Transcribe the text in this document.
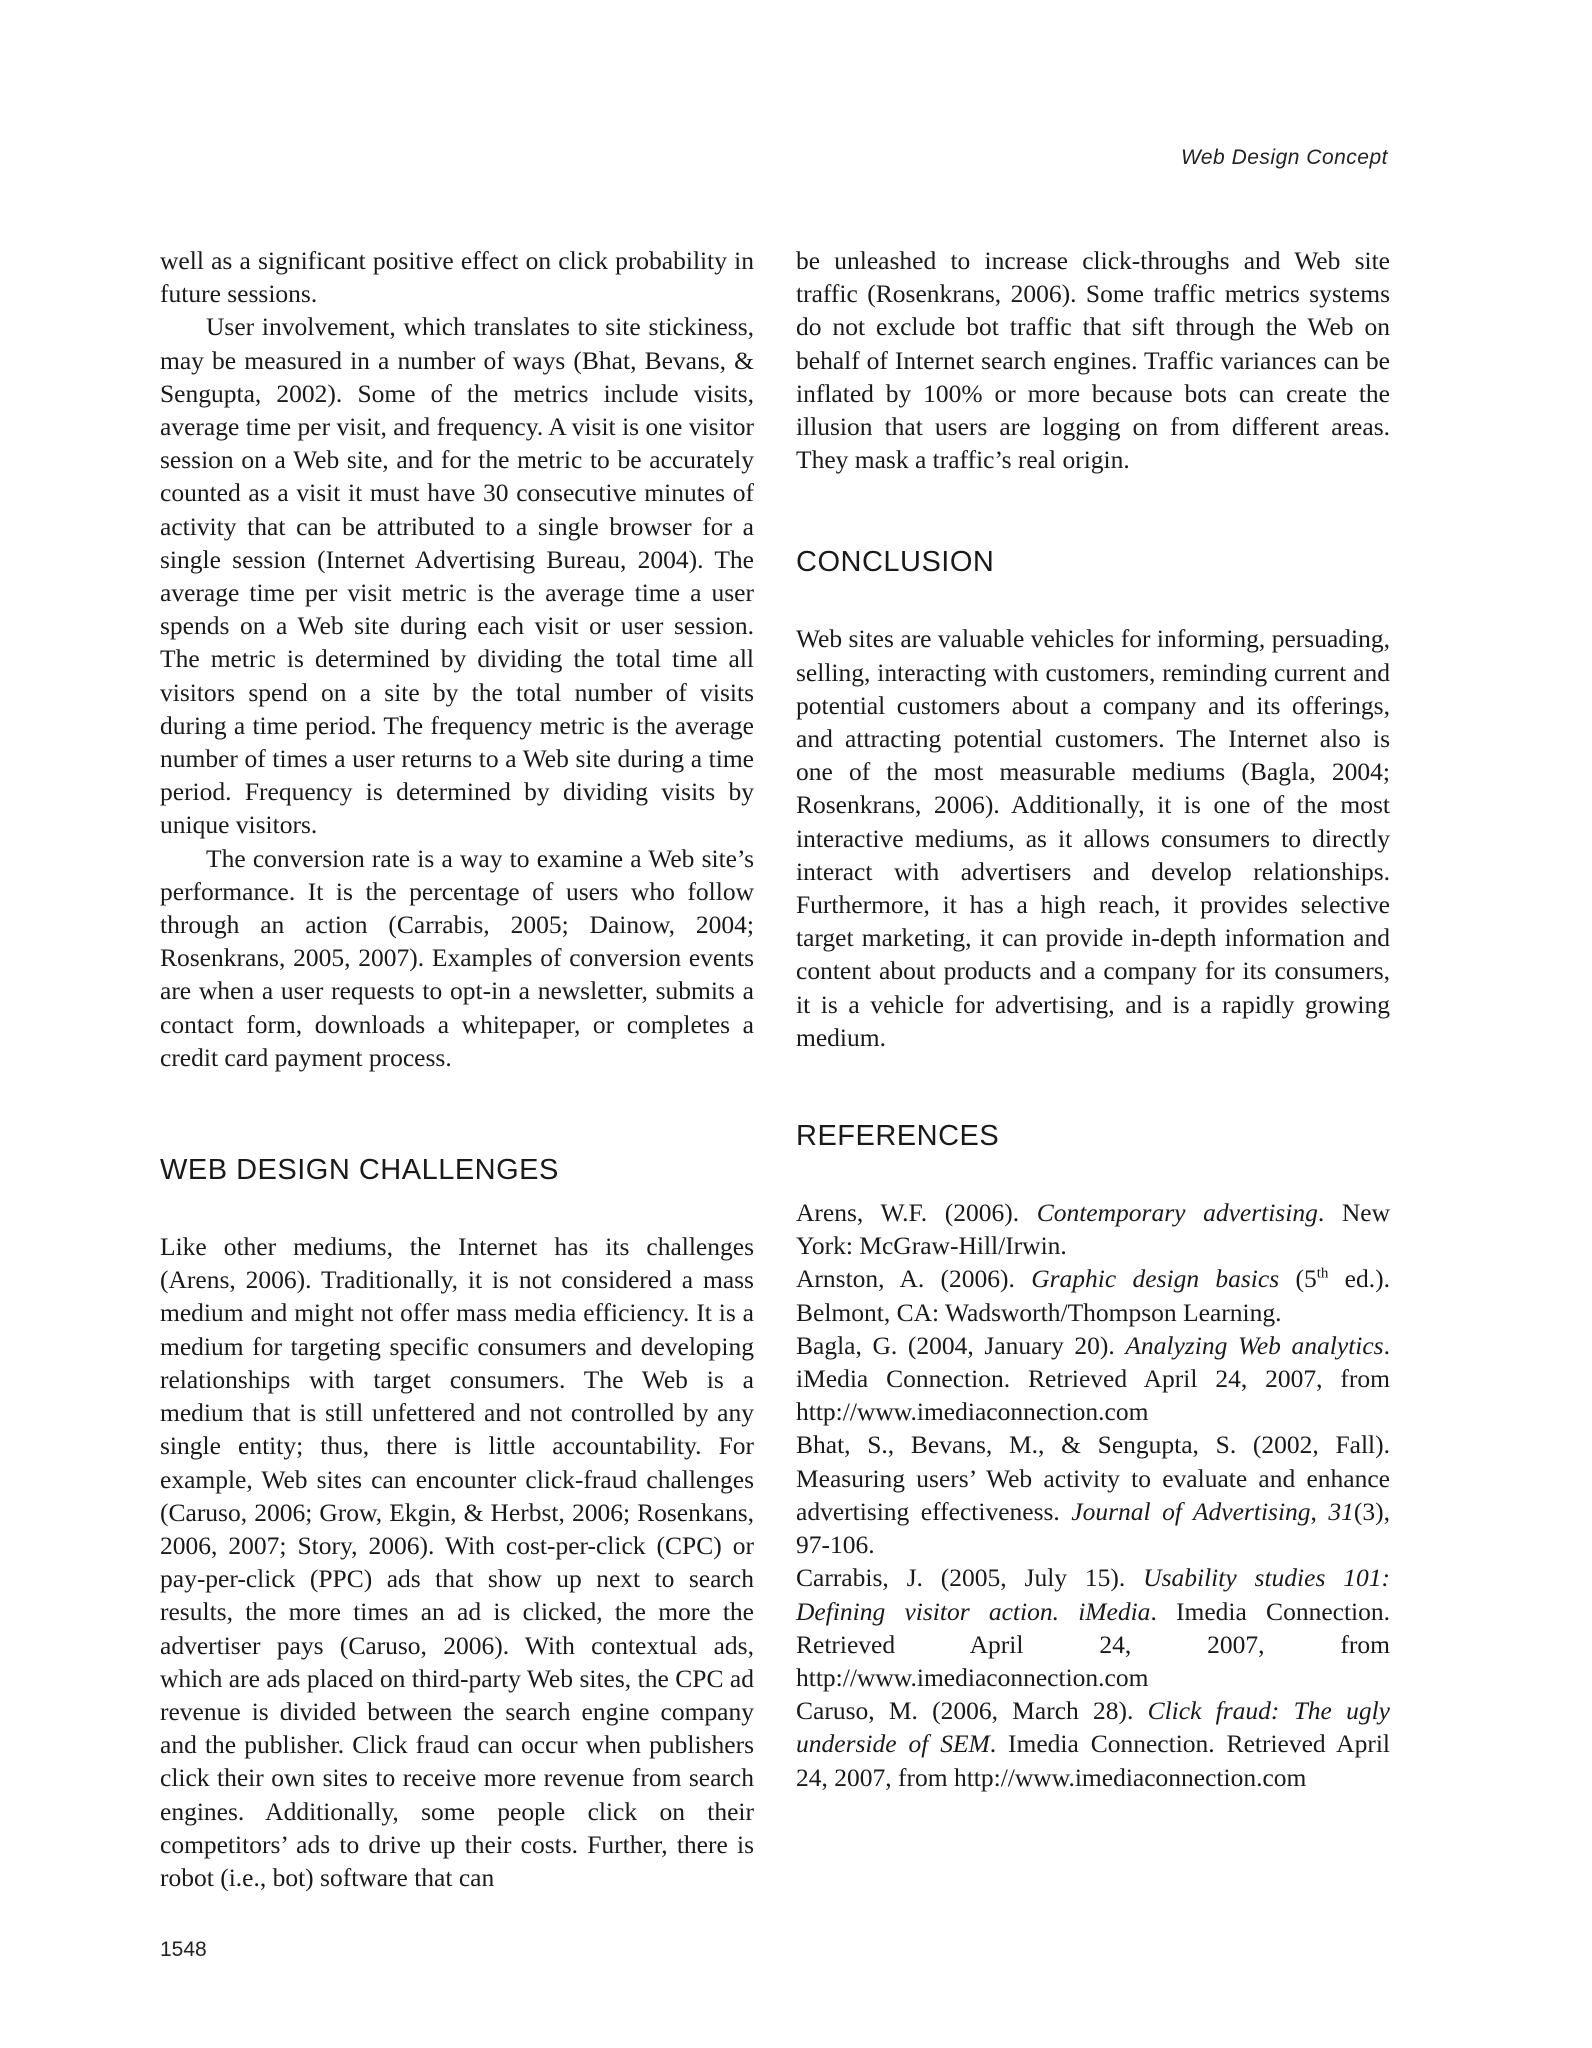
Web Design Concept

well as a significant positive effect on click probability in future sessions.

User involvement, which translates to site stickiness, may be measured in a number of ways (Bhat, Bevans, & Sengupta, 2002). Some of the metrics include visits, average time per visit, and frequency. A visit is one visitor session on a Web site, and for the metric to be accurately counted as a visit it must have 30 consecutive minutes of activity that can be attributed to a single browser for a single session (Internet Advertising Bureau, 2004). The average time per visit metric is the average time a user spends on a Web site during each visit or user session. The metric is determined by dividing the total time all visitors spend on a site by the total number of visits during a time period. The frequency metric is the average number of times a user returns to a Web site during a time period. Frequency is determined by dividing visits by unique visitors.

The conversion rate is a way to examine a Web site’s performance. It is the percentage of users who follow through an action (Carrabis, 2005; Dainow, 2004; Rosenkrans, 2005, 2007). Examples of conversion events are when a user requests to opt-in a newsletter, submits a contact form, downloads a whitepaper, or completes a credit card payment process.

WEB DESIGN CHALLENGES

Like other mediums, the Internet has its challenges (Arens, 2006). Traditionally, it is not considered a mass medium and might not offer mass media efficiency. It is a medium for targeting specific consumers and developing relationships with target consumers. The Web is a medium that is still unfettered and not controlled by any single entity; thus, there is little accountability. For example, Web sites can encounter click-fraud challenges (Caruso, 2006; Grow, Ekgin, & Herbst, 2006; Rosenkans, 2006, 2007; Story, 2006). With cost-per-click (CPC) or pay-per-click (PPC) ads that show up next to search results, the more times an ad is clicked, the more the advertiser pays (Caruso, 2006). With contextual ads, which are ads placed on third-party Web sites, the CPC ad revenue is divided between the search engine company and the publisher. Click fraud can occur when publishers click their own sites to receive more revenue from search engines. Additionally, some people click on their competitors’ ads to drive up their costs. Further, there is robot (i.e., bot) software that can

be unleashed to increase click-throughs and Web site traffic (Rosenkrans, 2006). Some traffic metrics systems do not exclude bot traffic that sift through the Web on behalf of Internet search engines. Traffic variances can be inflated by 100% or more because bots can create the illusion that users are logging on from different areas. They mask a traffic’s real origin.

CONCLUSION

Web sites are valuable vehicles for informing, persuading, selling, interacting with customers, reminding current and potential customers about a company and its offerings, and attracting potential customers. The Internet also is one of the most measurable mediums (Bagla, 2004; Rosenkrans, 2006). Additionally, it is one of the most interactive mediums, as it allows consumers to directly interact with advertisers and develop relationships. Furthermore, it has a high reach, it provides selective target marketing, it can provide in-depth information and content about products and a company for its consumers, it is a vehicle for advertising, and is a rapidly growing medium.

REFERENCES

Arens, W.F. (2006). Contemporary advertising. New York: McGraw-Hill/Irwin.

Arnston, A. (2006). Graphic design basics (5th ed.). Belmont, CA: Wadsworth/Thompson Learning.

Bagla, G. (2004, January 20). Analyzing Web analytics. iMedia Connection. Retrieved April 24, 2007, from http://www.imediaconnection.com

Bhat, S., Bevans, M., & Sengupta, S. (2002, Fall). Measuring users’ Web activity to evaluate and enhance advertising effectiveness. Journal of Advertising, 31(3), 97-106.

Carrabis, J. (2005, July 15). Usability studies 101: Defining visitor action. iMedia. Imedia Connection. Retrieved April 24, 2007, from http://www.imediaconnection.com

Caruso, M. (2006, March 28). Click fraud: The ugly underside of SEM. Imedia Connection. Retrieved April 24, 2007, from http://www.imediaconnection.com

1548
